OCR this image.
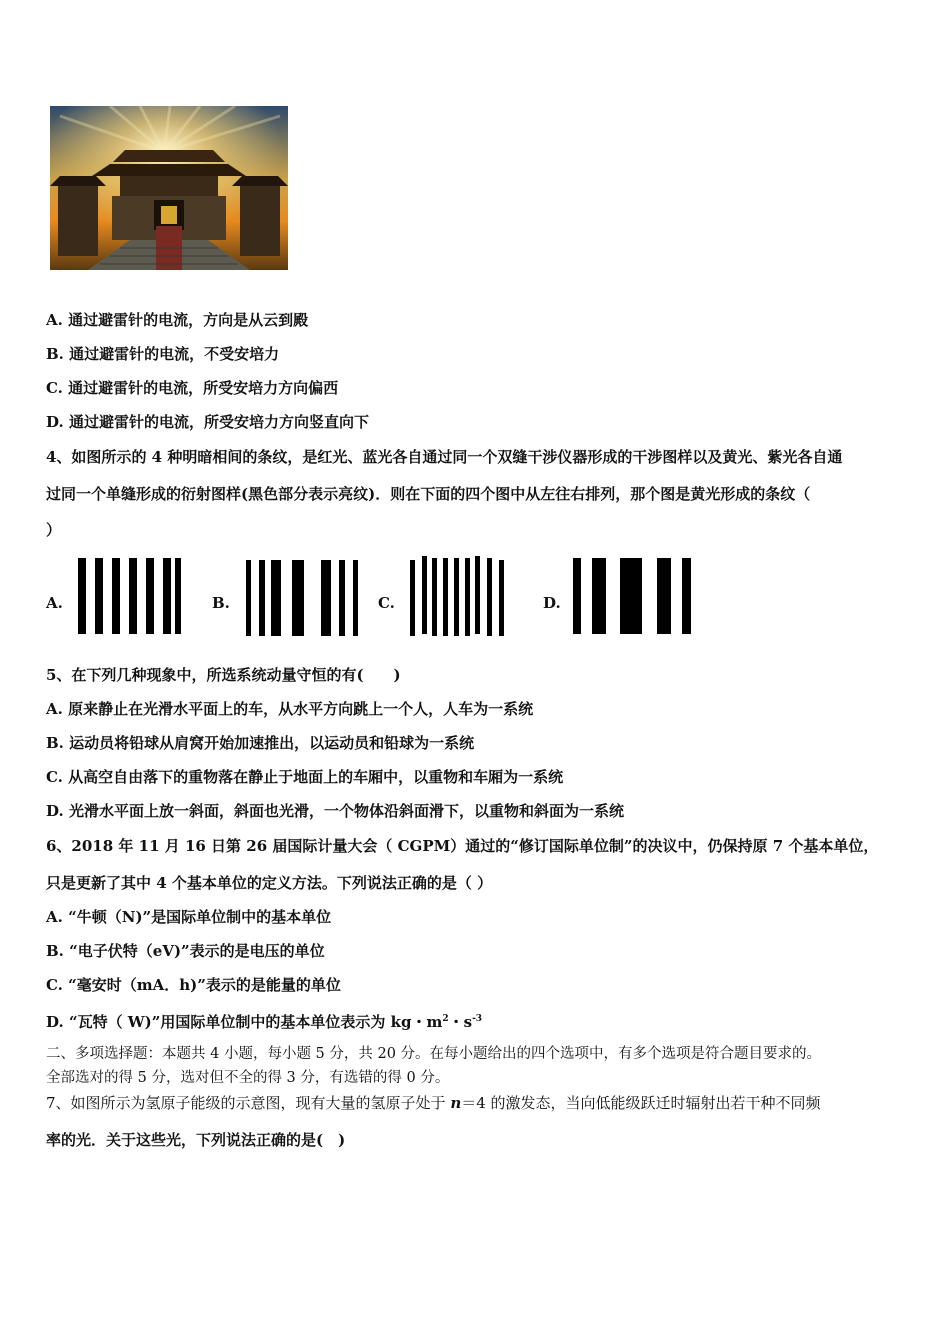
A. 通过避雷针的电流，方向是从云到殿
B. 通过避雷针的电流，不受安培力
C. 通过避雷针的电流，所受安培力方向偏西
D. 通过避雷针的电流，所受安培力方向竖直向下
4、如图所示的 4 种明暗相间的条纹，是红光、蓝光各自通过同一个双缝干涉仪器形成的干涉图样以及黄光、紫光各自通
过同一个单缝形成的衍射图样(黑色部分表示亮纹)．则在下面的四个图中从左往右排列，那个图是黄光形成的条纹（
）
A.	B.	C.	D.
5、在下列几种现象中，所选系统动量守恒的有(　　)
A. 原来静止在光滑水平面上的车，从水平方向跳上一个人，人车为一系统
B. 运动员将铅球从肩窝开始加速推出，以运动员和铅球为一系统
C. 从高空自由落下的重物落在静止于地面上的车厢中，以重物和车厢为一系统
D. 光滑水平面上放一斜面，斜面也光滑，一个物体沿斜面滑下，以重物和斜面为一系统
6、2018 年 11 月 16 日第 26 届国际计量大会（ CGPM）通过的“修订国际单位制”的决议中，仍保持原 7 个基本单位，
只是更新了其中 4 个基本单位的定义方法。下列说法正确的是（ ）
A. “牛顿（N)”是国际单位制中的基本单位
B. “电子伏特（eV)”表示的是电压的单位
C. “毫安时（mA．h)”表示的是能量的单位
D. “瓦特（ W)”用国际单位制中的基本单位表示为 kg・$m^2$・$s^{-3}$
二、多项选择题：本题共 4 小题，每小题 5 分，共 20 分。在每小题给出的四个选项中，有多个选项是符合题目要求的。
全部选对的得 5 分，选对但不全的得 3 分，有选错的得 0 分。
7、如图所示为氢原子能级的示意图，现有大量的氢原子处于 n＝4 的激发态，当向低能级跃迁时辐射出若干种不同频
率的光．关于这些光，下列说法正确的是(　)
